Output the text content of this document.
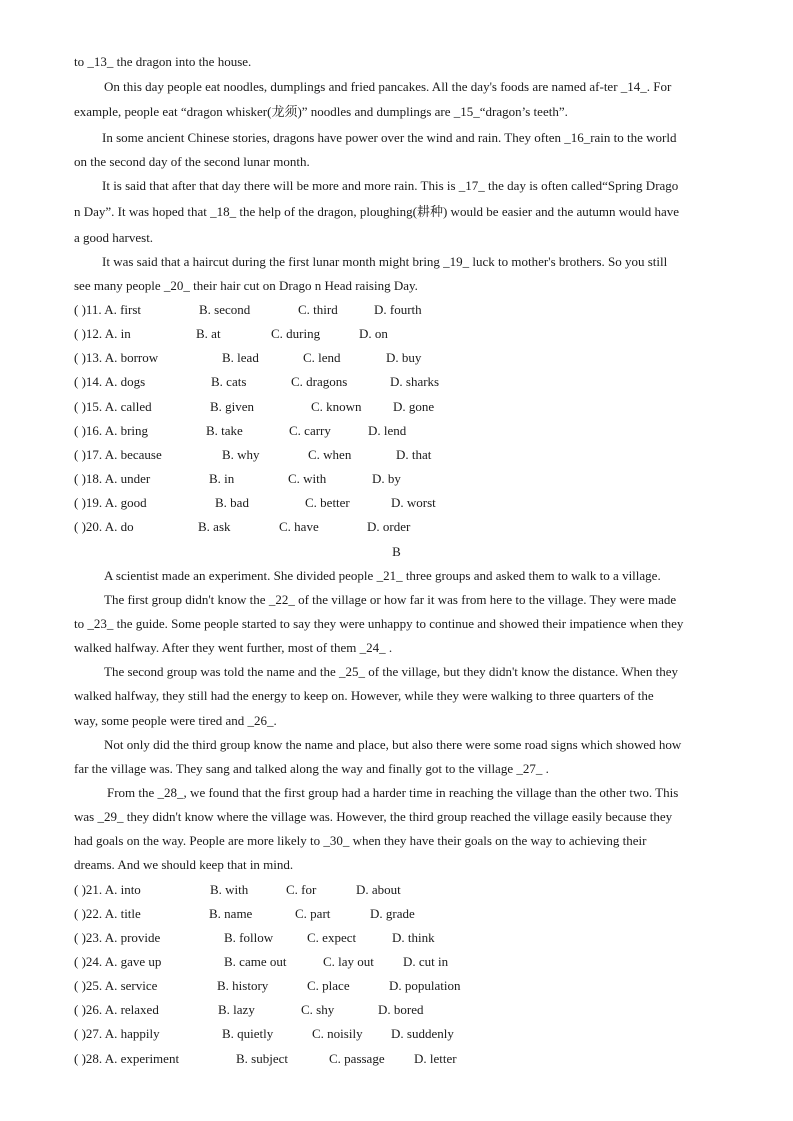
to _13_ the dragon into the house.
On this day people eat noodles, dumplings and fried pancakes. All the day's foods are named af-ter _14_. For
example, people eat “dragon whisker(龙须)” noodles and dumplings are _15_“dragon’s teeth”.
In some ancient Chinese stories, dragons have power over the wind and rain. They often _16_rain to the world
on the second day of the second lunar month.
It is said that after that day there will be more and more rain. This is _17_ the day is often called“Spring Drago
n Day”. It was hoped that _18_ the help of the dragon, ploughing(耕种) would be easier and the autumn would have
a good harvest.
It was said that a haircut during the first lunar month might bring _19_ luck to mother's brothers. So you still
see many people _20_ their hair cut on Drago n Head raising Day.
( )11. A. first	B. second	C. third	D. fourth
( )12. A. in	B. at	C. during	D. on
( )13. A. borrow	B. lead	C. lend	D. buy
( )14. A. dogs	B. cats	C. dragons	D. sharks
( )15. A. called	B. given	C. known D. gone
( )16. A. bring	B. take	C. carry	D. lend
( )17. A. because	B. why	C. when	D. that
( )18. A. under	B. in	C. with	D. by
( )19. A. good	B. bad	C. better	D. worst
( )20. A. do	B. ask	C. have	D. order
B
A scientist made an experiment. She divided people _21_ three groups and asked them to walk to a village.
The first group didn't know the _22_ of the village or how far it was from here to the village. They were made
to _23_ the guide. Some people started to say they were unhappy to continue and showed their impatience when they
walked halfway. After they went further, most of them _24_ .
The second group was told the name and the _25_ of the village, but they didn't know the distance. When they
walked halfway, they still had the energy to keep on. However, while they were walking to three quarters of the
way, some people were tired and _26_.
Not only did the third group know the name and place, but also there were some road signs which showed how
far the village was. They sang and talked along the way and finally got to the village _27_ .
From the _28_, we found that the first group had a harder time in reaching the village than the other two. This
was _29_ they didn't know where the village was. However, the third group reached the village easily because they
had goals on the way. People are more likely to _30_ when they have their goals on the way to achieving their
dreams. And we should keep that in mind.
( )21. A. into	B. with	C. for	D. about
( )22. A. title	B. name	C. part	D. grade
( )23. A. provide	B. follow	C. expect	D. think
( )24. A. gave up	B. came out	C. lay out D. cut in
( )25. A. service	B. history	C. place	D. population
( )26. A. relaxed	B. lazy	C. shy	D. bored
( )27. A. happily	B. quietly	C. noisily D. suddenly
( )28. A. experiment	B. subject	C. passage D. letter
